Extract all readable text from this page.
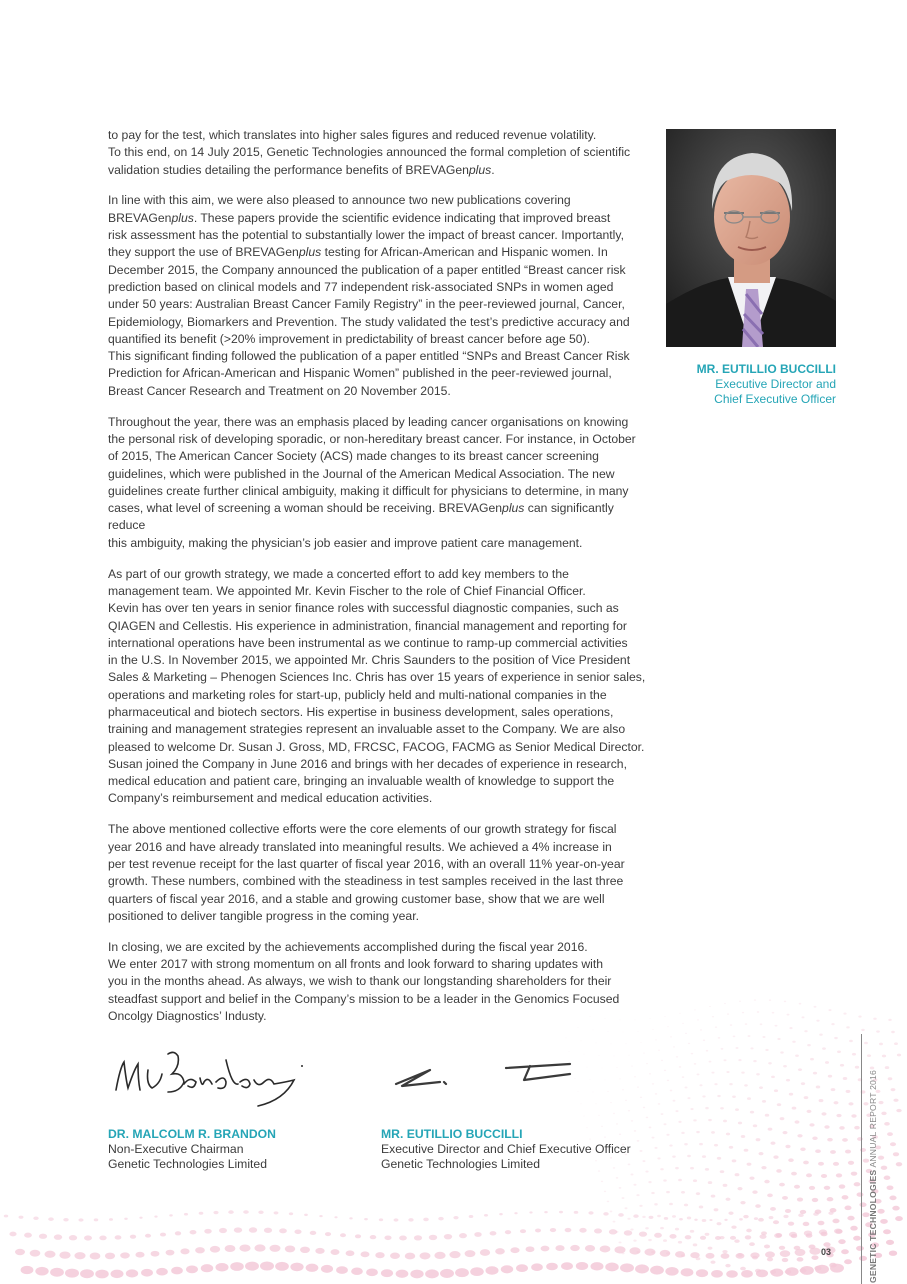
to pay for the test, which translates into higher sales figures and reduced revenue volatility.
To this end, on 14 July 2015, Genetic Technologies announced the formal completion of scientific
validation studies detailing the performance benefits of BREVAGenplus.

In line with this aim, we were also pleased to announce two new publications covering
BREVAGenplus. These papers provide the scientific evidence indicating that improved breast
risk assessment has the potential to substantially lower the impact of breast cancer. Importantly,
they support the use of BREVAGenplus testing for African-American and Hispanic women. In
December 2015, the Company announced the publication of a paper entitled “Breast cancer risk
prediction based on clinical models and 77 independent risk-associated SNPs in women aged
under 50 years: Australian Breast Cancer Family Registry” in the peer-reviewed journal, Cancer,
Epidemiology, Biomarkers and Prevention. The study validated the test’s predictive accuracy and
quantified its benefit (>20% improvement in predictability of breast cancer before age 50).
This significant finding followed the publication of a paper entitled “SNPs and Breast Cancer Risk
Prediction for African-American and Hispanic Women” published in the peer-reviewed journal,
Breast Cancer Research and Treatment on 20 November 2015.

Throughout the year, there was an emphasis placed by leading cancer organisations on knowing
the personal risk of developing sporadic, or non-hereditary breast cancer. For instance, in October
of 2015, The American Cancer Society (ACS) made changes to its breast cancer screening
guidelines, which were published in the Journal of the American Medical Association. The new
guidelines create further clinical ambiguity, making it difficult for physicians to determine, in many
cases, what level of screening a woman should be receiving. BREVAGenplus can significantly reduce
this ambiguity, making the physician’s job easier and improve patient care management.

As part of our growth strategy, we made a concerted effort to add key members to the
management team. We appointed Mr. Kevin Fischer to the role of Chief Financial Officer.
Kevin has over ten years in senior finance roles with successful diagnostic companies, such as
QIAGEN and Cellestis. His experience in administration, financial management and reporting for
international operations have been instrumental as we continue to ramp-up commercial activities
in the U.S. In November 2015, we appointed Mr. Chris Saunders to the position of Vice President
Sales & Marketing – Phenogen Sciences Inc. Chris has over 15 years of experience in senior sales,
operations and marketing roles for start-up, publicly held and multi-national companies in the
pharmaceutical and biotech sectors. His expertise in business development, sales operations,
training and management strategies represent an invaluable asset to the Company. We are also
pleased to welcome Dr. Susan J. Gross, MD, FRCSC, FACOG, FACMG as Senior Medical Director.
Susan joined the Company in June 2016 and brings with her decades of experience in research,
medical education and patient care, bringing an invaluable wealth of knowledge to support the
Company’s reimbursement and medical education activities.

The above mentioned collective efforts were the core elements of our growth strategy for fiscal
year 2016 and have already translated into meaningful results. We achieved a 4% increase in
per test revenue receipt for the last quarter of fiscal year 2016, with an overall 11% year-on-year
growth. These numbers, combined with the steadiness in test samples received in the last three
quarters of fiscal year 2016, and a stable and growing customer base, show that we are well
positioned to deliver tangible progress in the coming year.

In closing, we are excited by the achievements accomplished during the fiscal year 2016.
We enter 2017 with strong momentum on all fronts and look forward to sharing updates with
you in the months ahead. As always, we wish to thank our longstanding shareholders for their
steadfast support and belief in the Company’s mission to be a leader in the Genomics Focused
Oncolgy Diagnostics’ Industy.

MR. EUTILLIO BUCCILLI
Executive Director and
Chief Executive Officer
DR. MALCOLM R. BRANDON
Non-Executive Chairman
Genetic Technologies Limited
MR. EUTILLIO BUCCILLI
Executive Director and Chief Executive Officer
Genetic Technologies Limited
GENETIC TECHNOLOGIES ANNUAL REPORT 2016
03
